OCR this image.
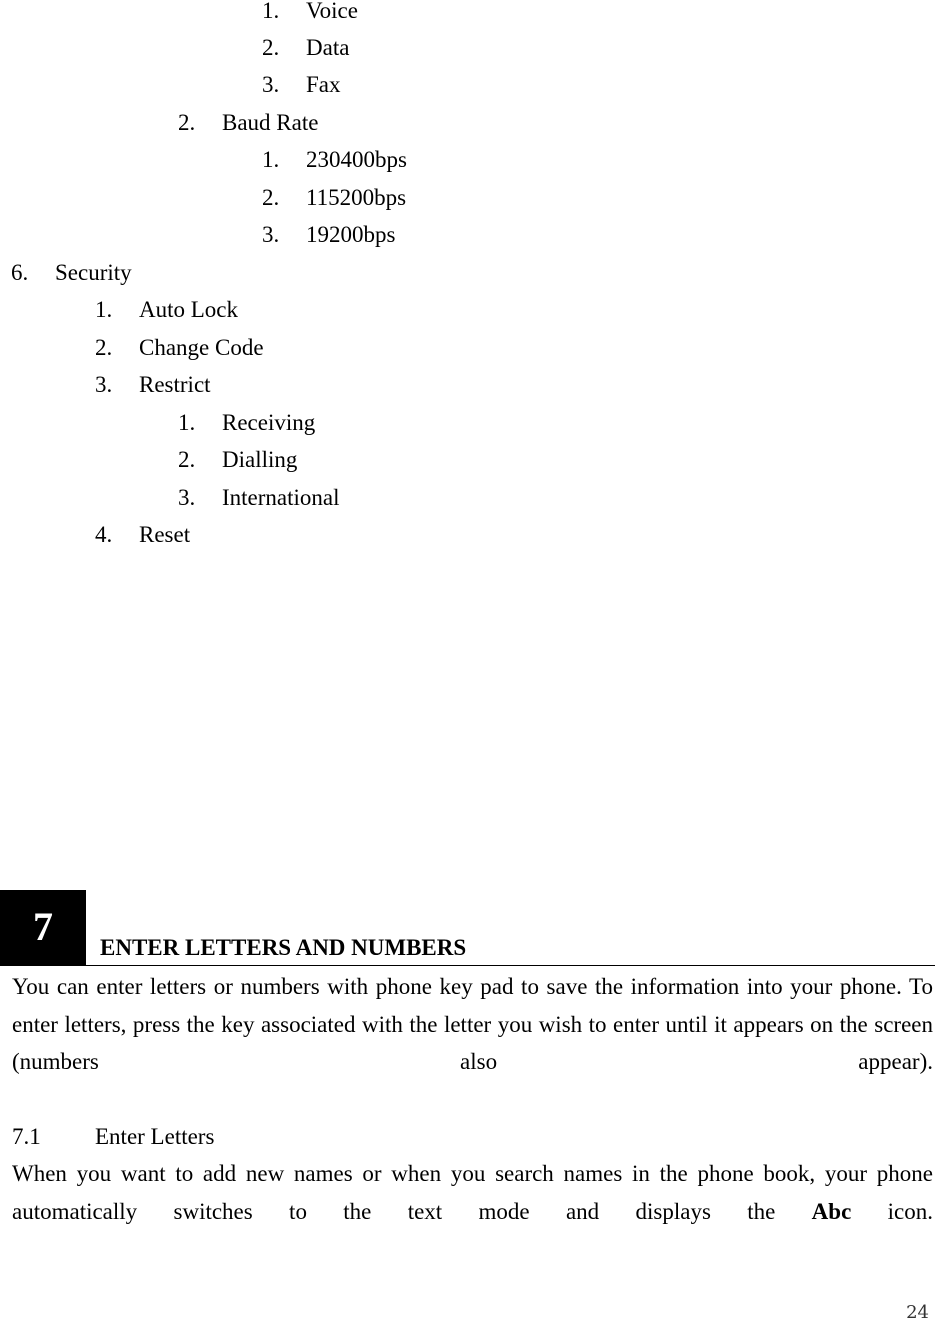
1. Voice
2. Data
3. Fax
2. Baud Rate
1. 230400bps
2. 115200bps
3. 19200bps
6. Security
1. Auto Lock
2. Change Code
3. Restrict
1. Receiving
2. Dialling
3. International
4. Reset
7	ENTER LETTERS AND NUMBERS
You can enter letters or numbers with phone key pad to save the information into your phone. To enter letters, press the key associated with the letter you wish to enter until it appears on the screen (numbers also appear).
7.1 Enter Letters
When you want to add new names or when you search names in the phone book, your phone automatically switches to the text mode and displays the Abc icon.
24
